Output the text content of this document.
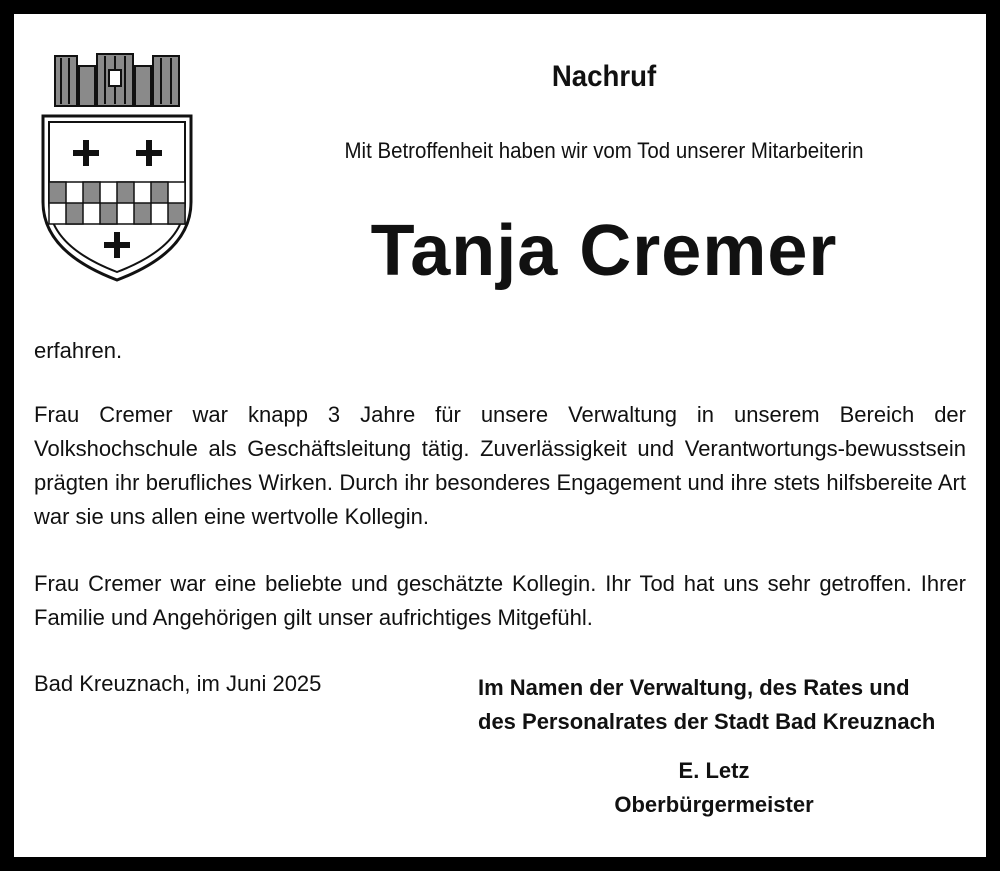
Nachruf
Mit Betroffenheit haben wir vom Tod unserer Mitarbeiterin
Tanja Cremer
erfahren.
Frau Cremer war knapp 3 Jahre für unsere Verwaltung in unserem Bereich der Volkshochschule als Geschäftsleitung tätig. Zuverlässigkeit und Verantwortungs-bewusstsein prägten ihr berufliches Wirken. Durch ihr besonderes Engagement und ihre stets hilfsbereite Art war sie uns allen eine wertvolle Kollegin.
Frau Cremer war eine beliebte und geschätzte Kollegin. Ihr Tod hat uns sehr getroffen. Ihrer Familie und Angehörigen gilt unser aufrichtiges Mitgefühl.
Bad Kreuznach, im Juni 2025	Im Namen der Verwaltung, des Rates und
des Personalrates der Stadt Bad Kreuznach
E. Letz
Oberbürgermeister
